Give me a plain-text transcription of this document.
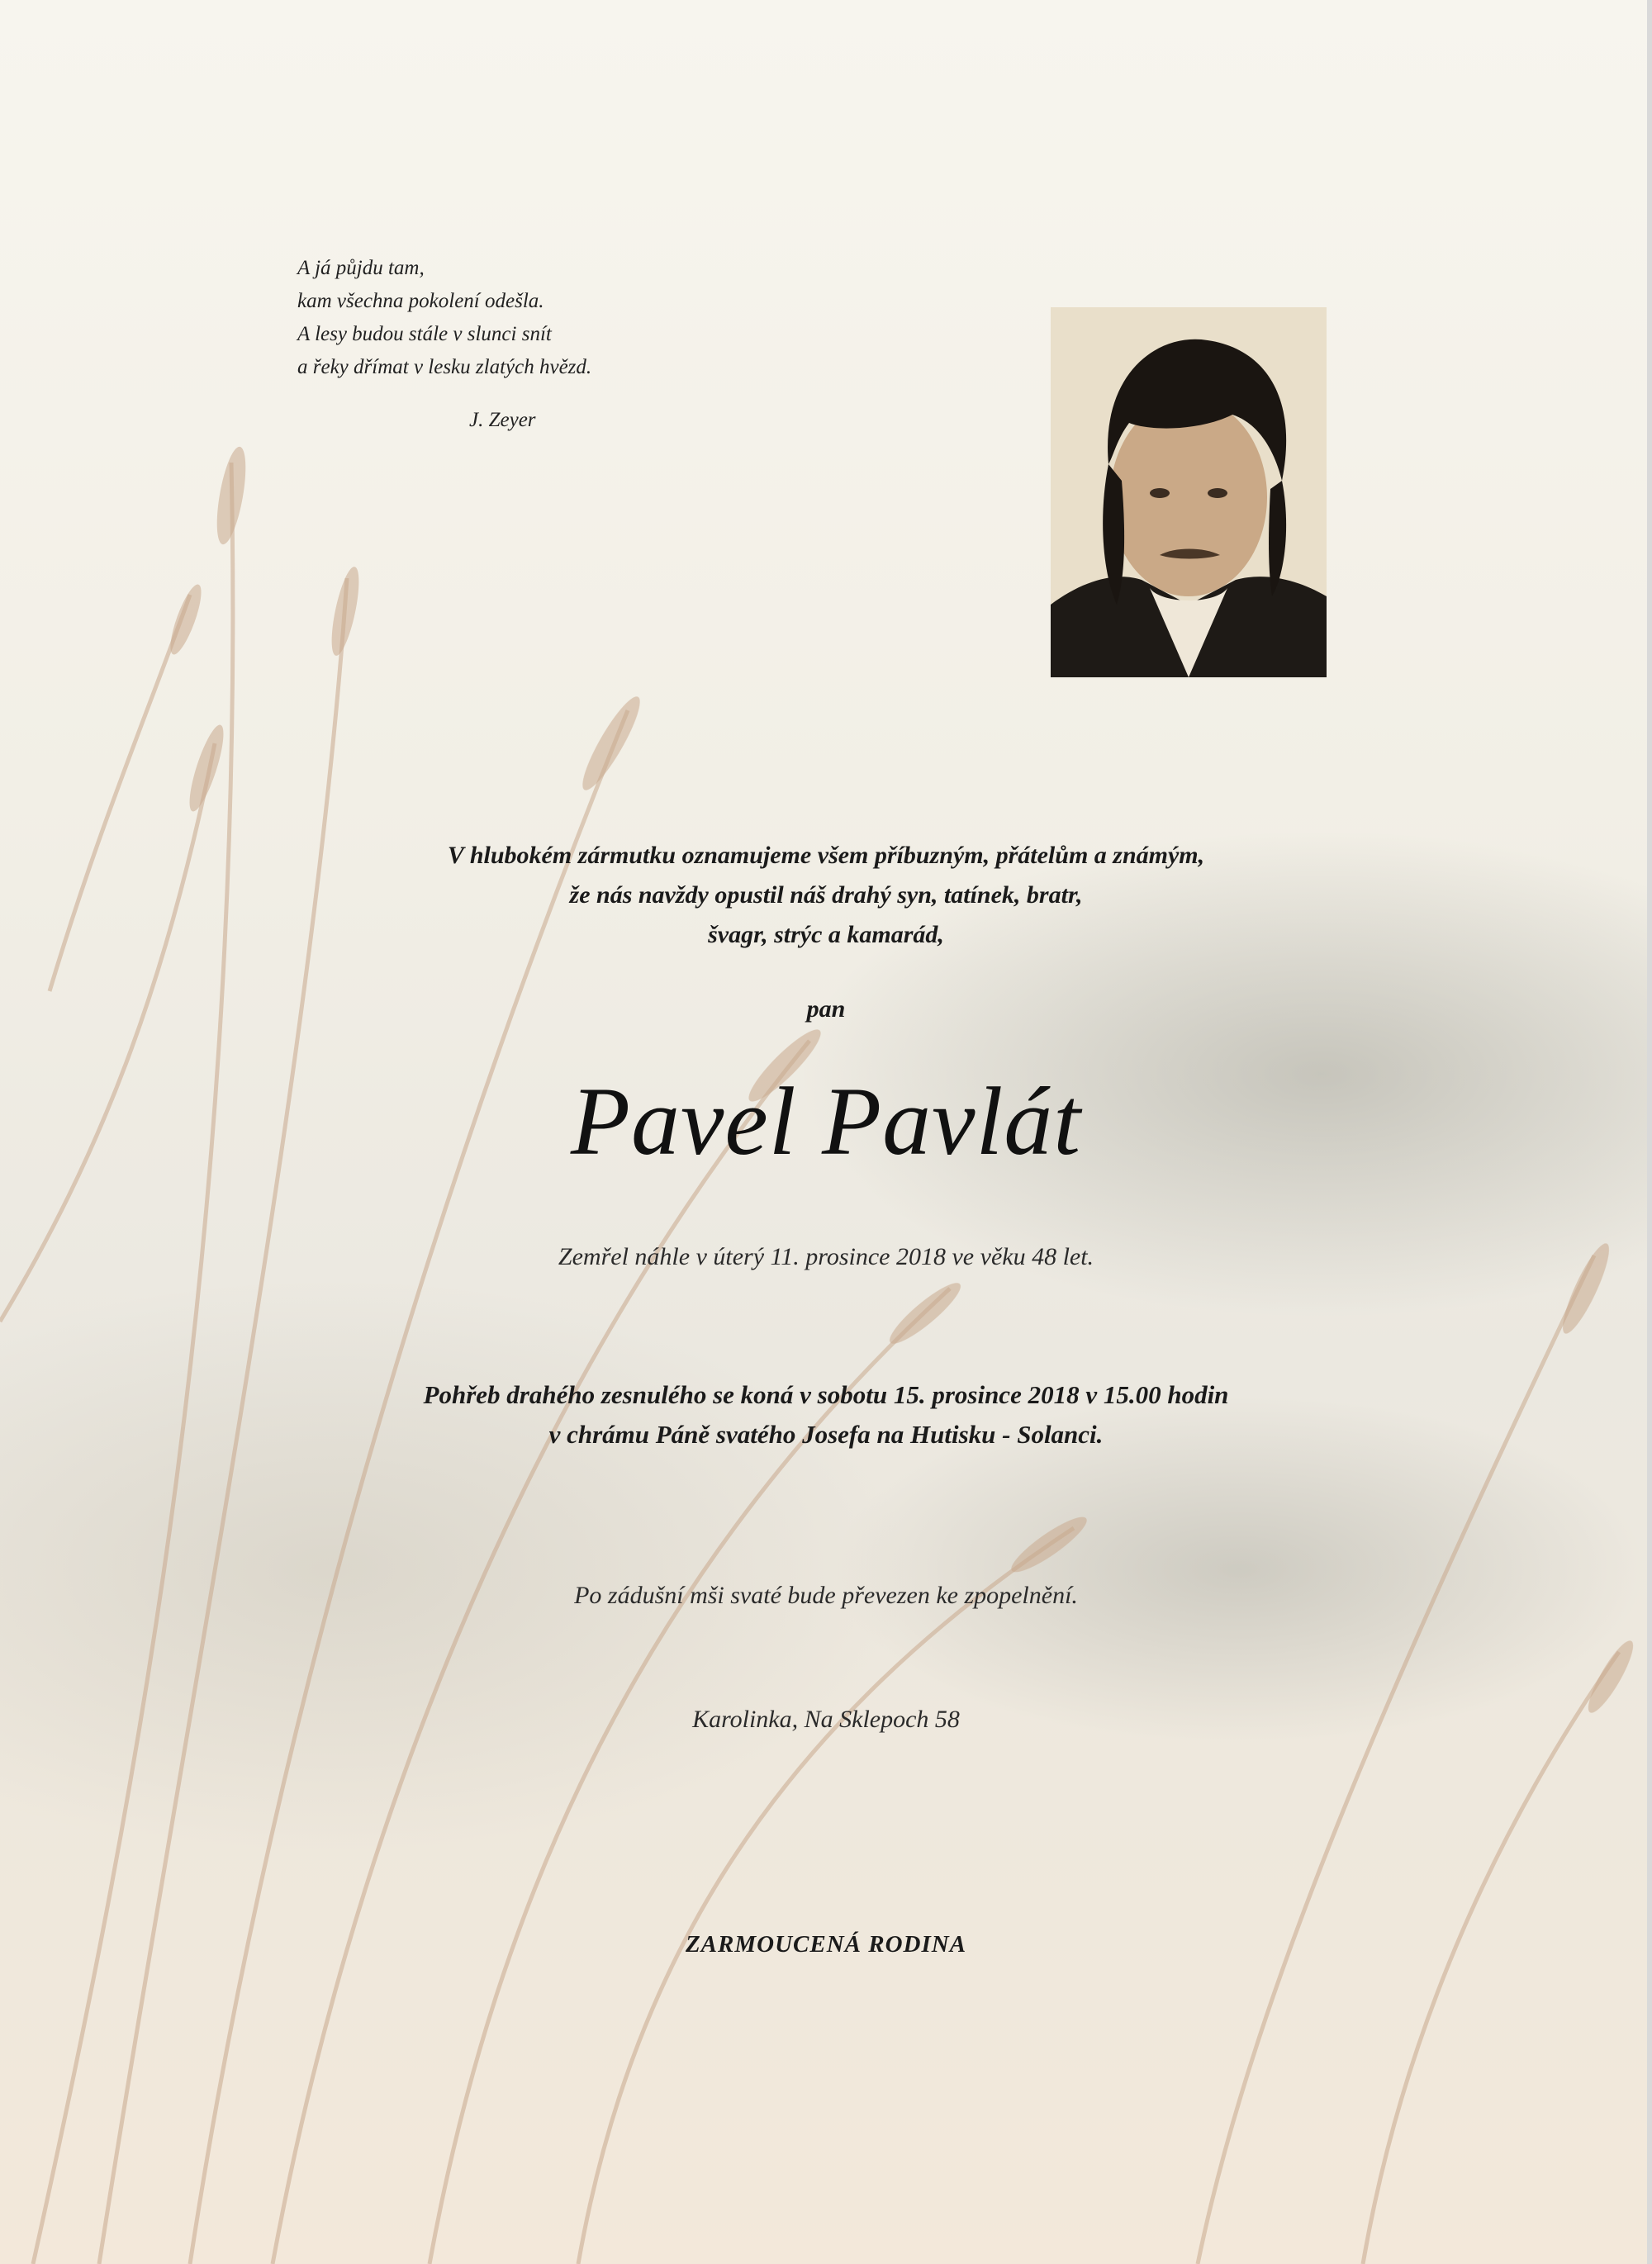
A já půjdu tam,
kam všechna pokolení odešla.
A lesy budou stále v slunci snít
a řeky dřímat v lesku zlatých hvězd.
J. Zeyer
V hlubokém zármutku oznamujeme všem příbuzným, přátelům a známým,
že nás navždy opustil náš drahý syn, tatínek, bratr,
švagr, strýc a kamarád,
pan
Pavel Pavlát
Zemřel náhle v úterý 11. prosince 2018 ve věku 48 let.
Pohřeb drahého zesnulého se koná v sobotu 15. prosince 2018 v 15.00 hodin
v chrámu Páně svatého Josefa na Hutisku - Solanci.
Po zádušní mši svaté bude převezen ke zpopelnění.
Karolinka, Na Sklepoch 58
ZARMOUCENÁ RODINA
